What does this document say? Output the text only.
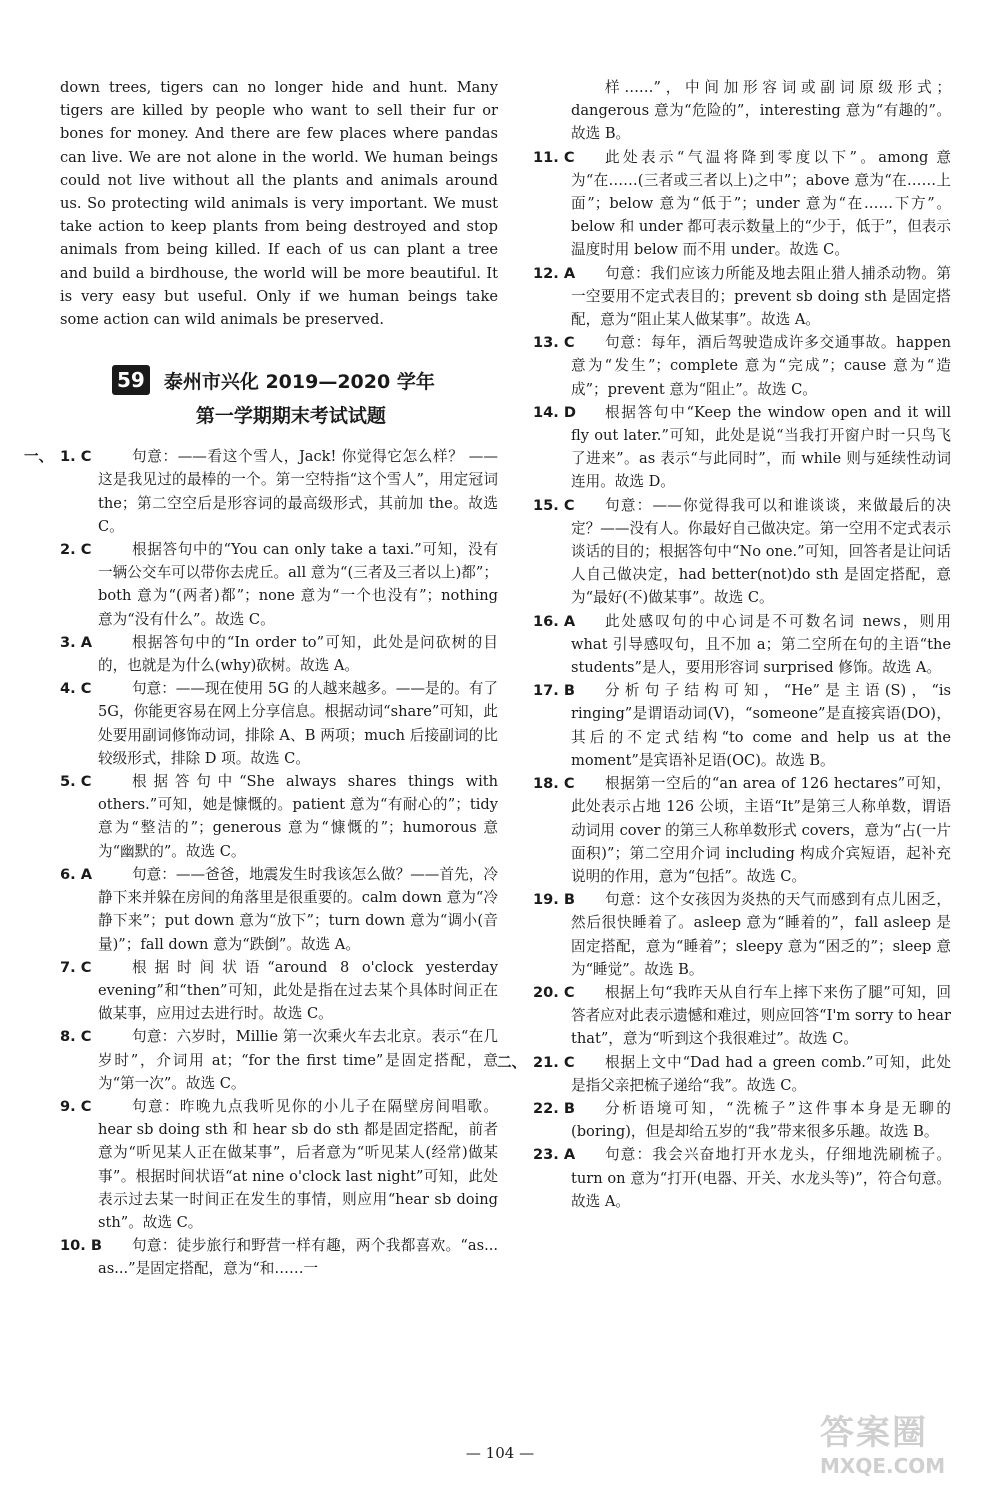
down trees, tigers can no longer hide and hunt. Many tigers are killed by people who want to sell their fur or bones for money. And there are few places where pandas can live. We are not alone in the world. We human beings could not live without all the plants and animals around us. So protecting wild animals is very important. We must take action to keep plants from being destroyed and stop animals from being killed. If each of us can plant a tree and build a birdhouse, the world will be more beautiful. It is very easy but useful. Only if we human beings take some action can wild animals be preserved.

59 泰州市兴化 2019—2020 学年
第一学期期末考试试题
一、 1. C	句意：——看这个雪人，Jack! 你觉得它怎么样？ ——这是我见过的最棒的一个。第一空特指“这个雪人”，用定冠词 the；第二空空后是形容词的最高级形式，其前加 the。故选 C。
2. C	根据答句中的“You can only take a taxi.”可知，没有一辆公交车可以带你去虎丘。all 意为“(三者及三者以上)都”；both 意为“(两者)都”；none 意为“一个也没有”；nothing 意为“没有什么”。故选 C。
3. A	根据答句中的“In order to”可知，此处是问砍树的目的，也就是为什么(why)砍树。故选 A。
4. C	句意：——现在使用 5G 的人越来越多。——是的。有了 5G，你能更容易在网上分享信息。根据动词“share”可知，此处要用副词修饰动词，排除 A、B 两项；much 后接副词的比较级形式，排除 D 项。故选 C。
5. C	根据答句中“She always shares things with others.”可知，她是慷慨的。patient 意为“有耐心的”；tidy 意为“整洁的”；generous 意为“慷慨的”；humorous 意为“幽默的”。故选 C。
6. A	句意：——爸爸，地震发生时我该怎么做？——首先，冷静下来并躲在房间的角落里是很重要的。calm down 意为“冷静下来”；put down 意为“放下”；turn down 意为“调小(音量)”；fall down 意为“跌倒”。故选 A。
7. C	根据时间状语“around 8 o'clock yesterday evening”和“then”可知，此处是指在过去某个具体时间正在做某事，应用过去进行时。故选 C。
8. C	句意：六岁时，Millie 第一次乘火车去北京。表示“在几岁时”，介词用 at；“for the first time”是固定搭配，意为“第一次”。故选 C。
9. C	句意：昨晚九点我听见你的小儿子在隔壁房间唱歌。hear sb doing sth 和 hear sb do sth 都是固定搭配，前者意为“听见某人正在做某事”，后者意为“听见某人(经常)做某事”。根据时间状语“at nine o'clock last night”可知，此处表示过去某一时间正在发生的事情，则应用“hear sb doing sth”。故选 C。
10. B	句意：徒步旅行和野营一样有趣，两个我都喜欢。“as... as...”是固定搭配，意为“和……一
样……”，中间加形容词或副词原级形式；dangerous 意为“危险的”，interesting 意为“有趣的”。故选 B。
11. C	此处表示“气温将降到零度以下”。among 意为“在……(三者或三者以上)之中”；above 意为“在……上面”；below 意为“低于”；under 意为“在……下方”。below 和 under 都可表示数量上的“少于，低于”，但表示温度时用 below 而不用 under。故选 C。
12. A	句意：我们应该力所能及地去阻止猎人捕杀动物。第一空要用不定式表目的；prevent sb doing sth 是固定搭配，意为“阻止某人做某事”。故选 A。
13. C	句意：每年，酒后驾驶造成许多交通事故。happen 意为“发生”；complete 意为“完成”；cause 意为“造成”；prevent 意为“阻止”。故选 C。
14. D	根据答句中“Keep the window open and it will fly out later.”可知，此处是说“当我打开窗户时一只鸟飞了进来”。as 表示“与此同时”，而 while 则与延续性动词连用。故选 D。
15. C	句意：——你觉得我可以和谁谈谈，来做最后的决定？——没有人。你最好自己做决定。第一空用不定式表示谈话的目的；根据答句中“No one.”可知，回答者是让问话人自己做决定，had better(not)do sth 是固定搭配，意为“最好(不)做某事”。故选 C。
16. A	此处感叹句的中心词是不可数名词 news，则用 what 引导感叹句，且不加 a；第二空所在句的主语“the students”是人，要用形容词 surprised 修饰。故选 A。
17. B	分析句子结构可知，“He”是主语(S)，“is ringing”是谓语动词(V)，“someone”是直接宾语(DO)，其后的不定式结构“to come and help us at the moment”是宾语补足语(OC)。故选 B。
18. C	根据第一空后的“an area of 126 hectares”可知，此处表示占地 126 公顷，主语“It”是第三人称单数，谓语动词用 cover 的第三人称单数形式 covers，意为“占(一片面积)”；第二空用介词 including 构成介宾短语，起补充说明的作用，意为“包括”。故选 C。
19. B	句意：这个女孩因为炎热的天气而感到有点儿困乏，然后很快睡着了。asleep 意为“睡着的”，fall asleep 是固定搭配，意为“睡着”；sleepy 意为“困乏的”；sleep 意为“睡觉”。故选 B。
20. C	根据上句“我昨天从自行车上摔下来伤了腿”可知，回答者应对此表示遗憾和难过，则应回答“I'm sorry to hear that”，意为“听到这个我很难过”。故选 C。
二、 21. C	根据上文中“Dad had a green comb.”可知，此处是指父亲把梳子递给“我”。故选 C。
22. B	分析语境可知，“洗梳子”这件事本身是无聊的(boring)，但是却给五岁的“我”带来很多乐趣。故选 B。
23. A	句意：我会兴奋地打开水龙头，仔细地洗刷梳子。turn on 意为“打开(电器、开关、水龙头等)”，符合句意。故选 A。
— 104 —	答案圈
MXQE.COM
